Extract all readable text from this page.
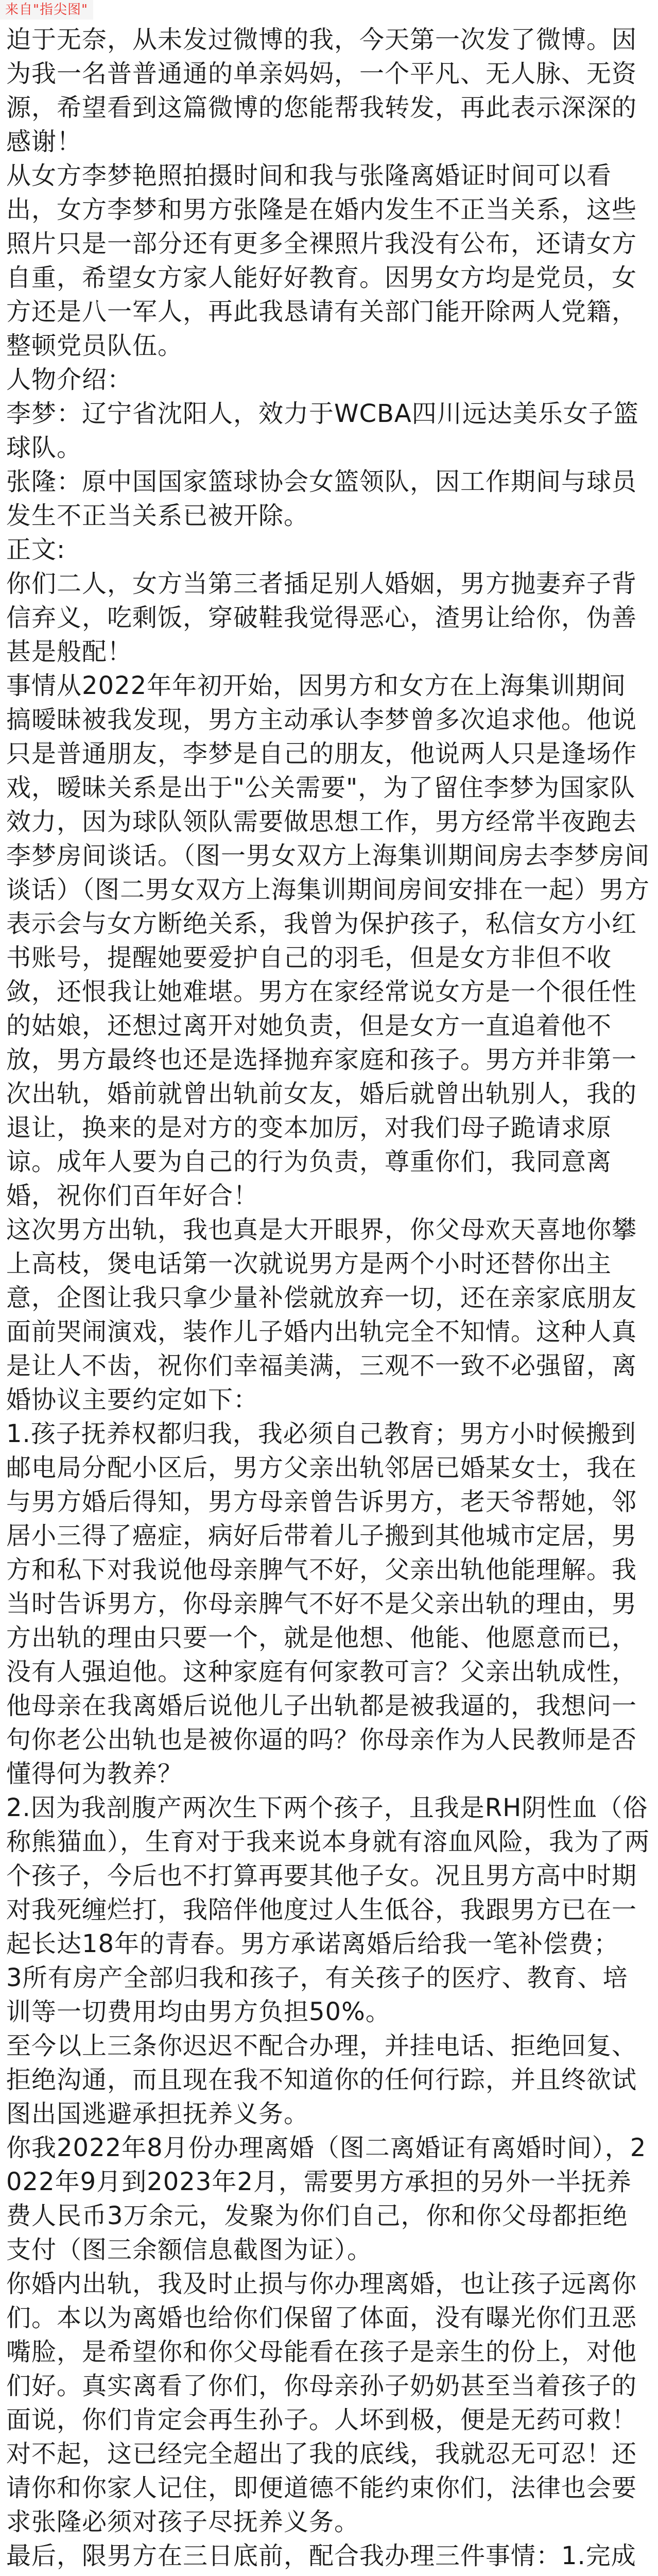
来自"指尖图"

迫于无奈，从未发过微博的我，今天第一次发了微博。因为我一名普普通通的单亲妈妈，一个平凡、无人脉、无资源，希望看到这篇微博的您能帮我转发，再此表示深深的感谢！

从女方李梦艳照拍摄时间和我与张隆离婚证时间可以看出，女方李梦和男方张隆是在婚内发生不正当关系，这些照片只是一部分还有更多全裸照片我没有公布，还请女方自重，希望女方家人能好好教育。因男女方均是党员，女方还是八一军人，再此我恳请有关部门能开除两人党籍，整顿党员队伍。

人物介绍：

李梦：辽宁省沈阳人，效力于WCBA四川远达美乐女子篮球队。

张隆：原中国国家篮球协会女篮领队，因工作期间与球员发生不正当关系已被开除。

正文:

你们二人，女方当第三者插足别人婚姻，男方抛妻弃子背信弃义，吃剩饭，穿破鞋我觉得恶心，渣男让给你，伪善甚是般配！

事情从2022年年初开始，因男方和女方在上海集训期间搞暧昧被我发现，男方主动承认李梦曾多次追求他。他说只是普通朋友，李梦是自己的朋友，他说两人只是逢场作戏，暧昧关系是出于"公关需要"，为了留住李梦为国家队效力，因为球队领队需要做思想工作，男方经常半夜跑去李梦房间谈话。（图一男女双方上海集训期间房去李梦房间谈话）（图二男女双方上海集训期间房间安排在一起）男方表示会与女方断绝关系，我曾为保护孩子，私信女方小红书账号，提醒她要爱护自己的羽毛，但是女方非但不收敛，还恨我让她难堪。男方在家经常说女方是一个很任性的姑娘，还想过离开对她负责，但是女方一直追着他不放，男方最终也还是选择抛弃家庭和孩子。男方并非第一次出轨，婚前就曾出轨前女友，婚后就曾出轨别人，我的退让，换来的是对方的变本加厉，对我们母子跪请求原谅。成年人要为自己的行为负责，尊重你们，我同意离婚，祝你们百年好合！

这次男方出轨，我也真是大开眼界，你父母欢天喜地你攀上高枝，煲电话第一次就说男方是两个小时还替你出主意，企图让我只拿少量补偿就放弃一切，还在亲家底朋友面前哭闹演戏，装作儿子婚内出轨完全不知情。这种人真是让人不齿，祝你们幸福美满，三观不一致不必强留，离婚协议主要约定如下：

1.孩子抚养权都归我，我必须自己教育；男方小时候搬到邮电局分配小区后，男方父亲出轨邻居已婚某女士，我在与男方婚后得知，男方母亲曾告诉男方，老天爷帮她，邻居小三得了癌症，病好后带着儿子搬到其他城市定居，男方和私下对我说他母亲脾气不好，父亲出轨他能理解。我当时告诉男方，你母亲脾气不好不是父亲出轨的理由，男方出轨的理由只要一个，就是他想、他能、他愿意而已，没有人强迫他。这种家庭有何家教可言？父亲出轨成性，他母亲在我离婚后说他儿子出轨都是被我逼的，我想问一句你老公出轨也是被你逼的吗？你母亲作为人民教师是否懂得何为教养？

2.因为我剖腹产两次生下两个孩子，且我是RH阴性血（俗称熊猫血），生育对于我来说本身就有溶血风险，我为了两个孩子，今后也不打算再要其他子女。况且男方高中时期对我死缠烂打，我陪伴他度过人生低谷，我跟男方已在一起长达18年的青春。男方承诺离婚后给我一笔补偿费；

3所有房产全部归我和孩子，有关孩子的医疗、教育、培训等一切费用均由男方负担50%。

至今以上三条你迟迟不配合办理，并挂电话、拒绝回复、拒绝沟通，而且现在我不知道你的任何行踪，并且终欲试图出国逃避承担抚养义务。

你我2022年8月份办理离婚（图二离婚证有离婚时间），2022年9月到2023年2月，需要男方承担的另外一半抚养费人民币3万余元，发聚为你们自己，你和你父母都拒绝支付（图三余额信息截图为证）。

你婚内出轨，我及时止损与你办理离婚，也让孩子远离你们。本以为离婚也给你们保留了体面，没有曝光你们丑恶嘴脸，是希望你和你父母能看在孩子是亲生的份上，对他们好。真实离看了你们，你母亲孙子奶奶甚至当着孩子的面说，你们肯定会再生孙子。人坏到极，便是无药可救！对不起，这已经完全超出了我的底线，我就忍无可忍！还请你和你家人记住，即便道德不能约束你们，法律也会要求张隆必须对孩子尽抚养义务。

最后，限男方在三日底前，配合我办理三件事情：1.完成
